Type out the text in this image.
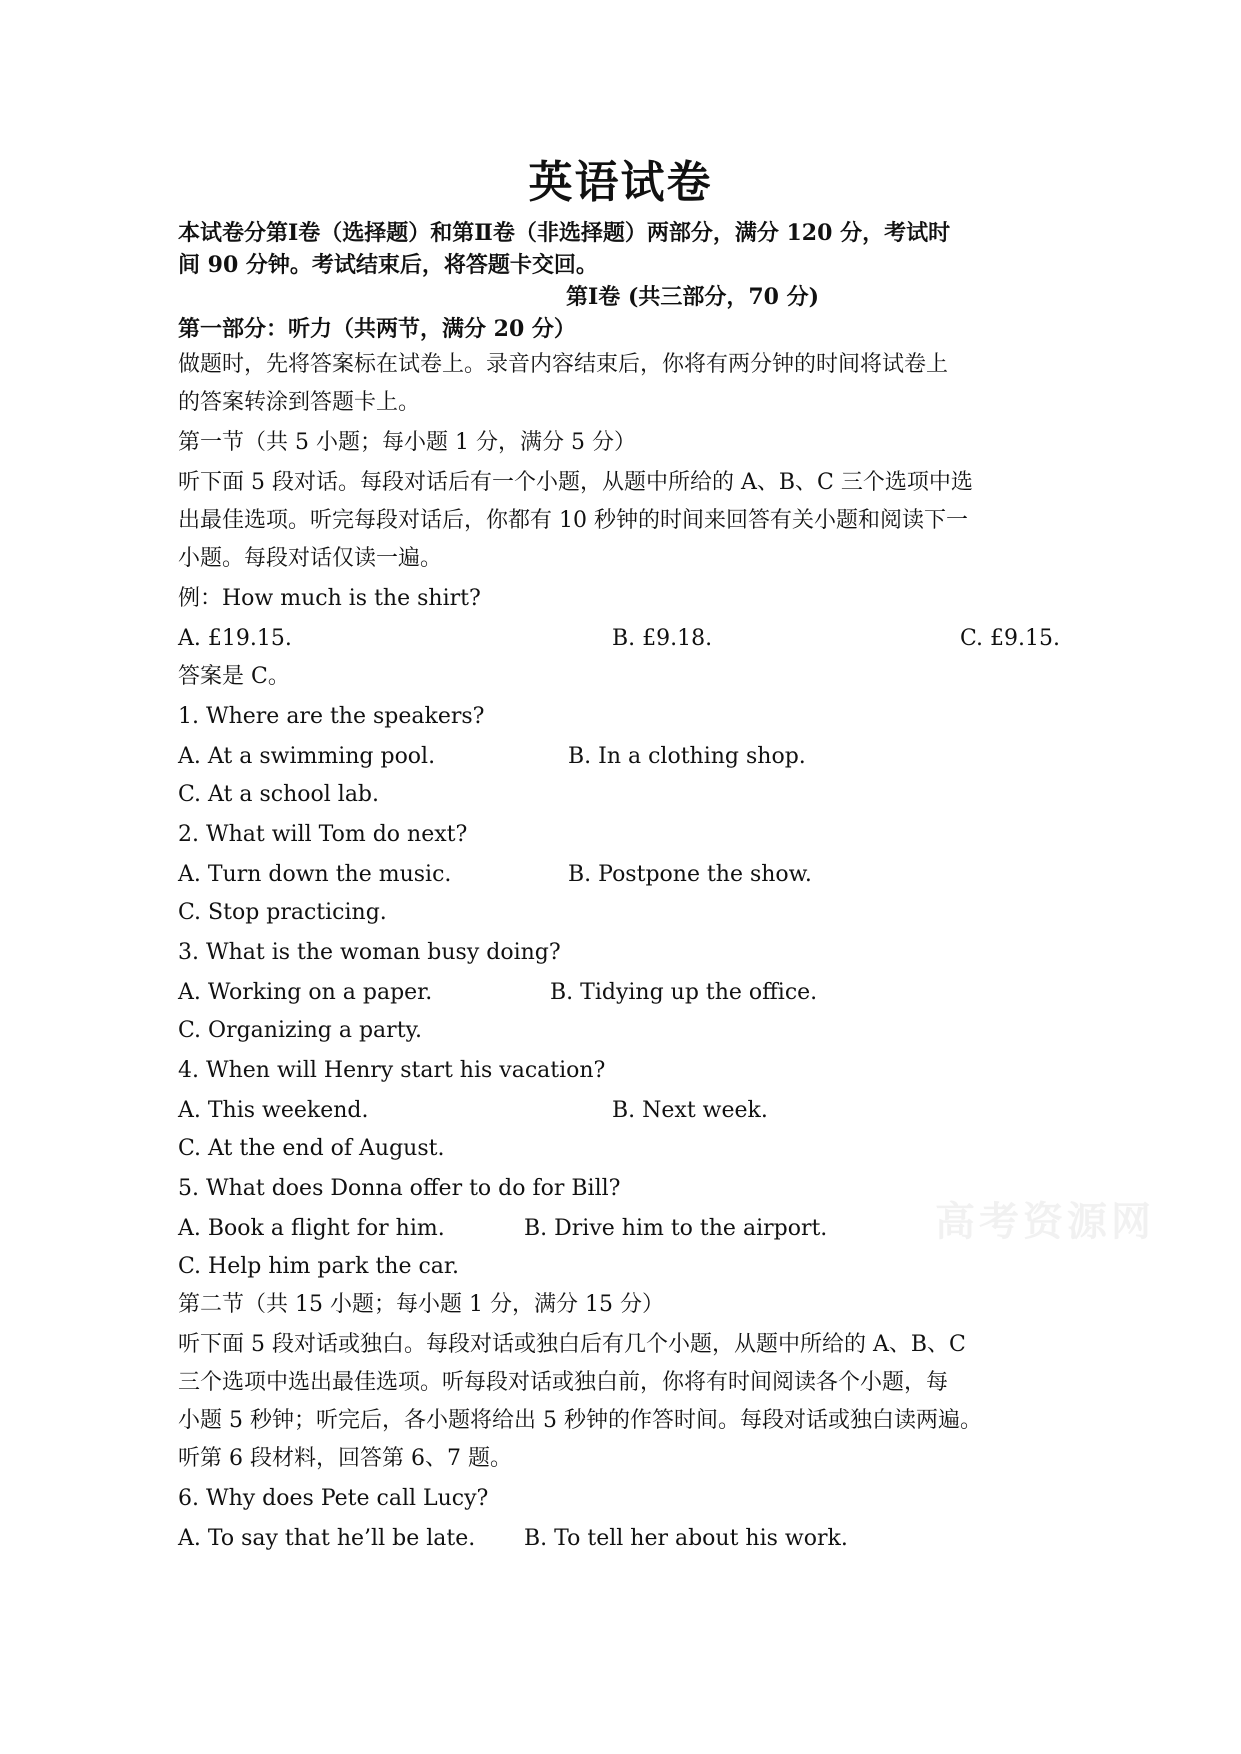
英语试卷
本试卷分第Ⅰ卷（选择题）和第Ⅱ卷（非选择题）两部分，满分 120 分，考试时
间 90 分钟。考试结束后，将答题卡交回。
第Ⅰ卷 (共三部分，70 分)
第一部分：听力（共两节，满分 20 分）
做题时，先将答案标在试卷上。录音内容结束后，你将有两分钟的时间将试卷上
的答案转涂到答题卡上。
第一节（共 5 小题；每小题 1 分，满分 5 分）
听下面 5 段对话。每段对话后有一个小题，从题中所给的 A、B、C 三个选项中选
出最佳选项。听完每段对话后，你都有 10 秒钟的时间来回答有关小题和阅读下一
小题。每段对话仅读一遍。
例：How much is the shirt?
A. £19.15.	B. £9.18.	C. £9.15.
答案是 C。
1. Where are the speakers?
A. At a swimming pool.	B. In a clothing shop.
C. At a school lab.
2. What will Tom do next?
A. Turn down the music.	B. Postpone the show.
C. Stop practicing.
3. What is the woman busy doing?
A. Working on a paper.	B. Tidying up the office.
C. Organizing a party.
4. When will Henry start his vacation?
A. This weekend.	B. Next week.
C. At the end of August.
5. What does Donna offer to do for Bill?
A. Book a flight for him.	B. Drive him to the airport.
C. Help him park the car.
第二节（共 15 小题；每小题 1 分，满分 15 分）
听下面 5 段对话或独白。每段对话或独白后有几个小题，从题中所给的 A、B、C
三个选项中选出最佳选项。听每段对话或独白前，你将有时间阅读各个小题，每
小题 5 秒钟；听完后，各小题将给出 5 秒钟的作答时间。每段对话或独白读两遍。
听第 6 段材料，回答第 6、7 题。
6. Why does Pete call Lucy?
A. To say that he’ll be late. B. To tell her about his work.
高考资源网
